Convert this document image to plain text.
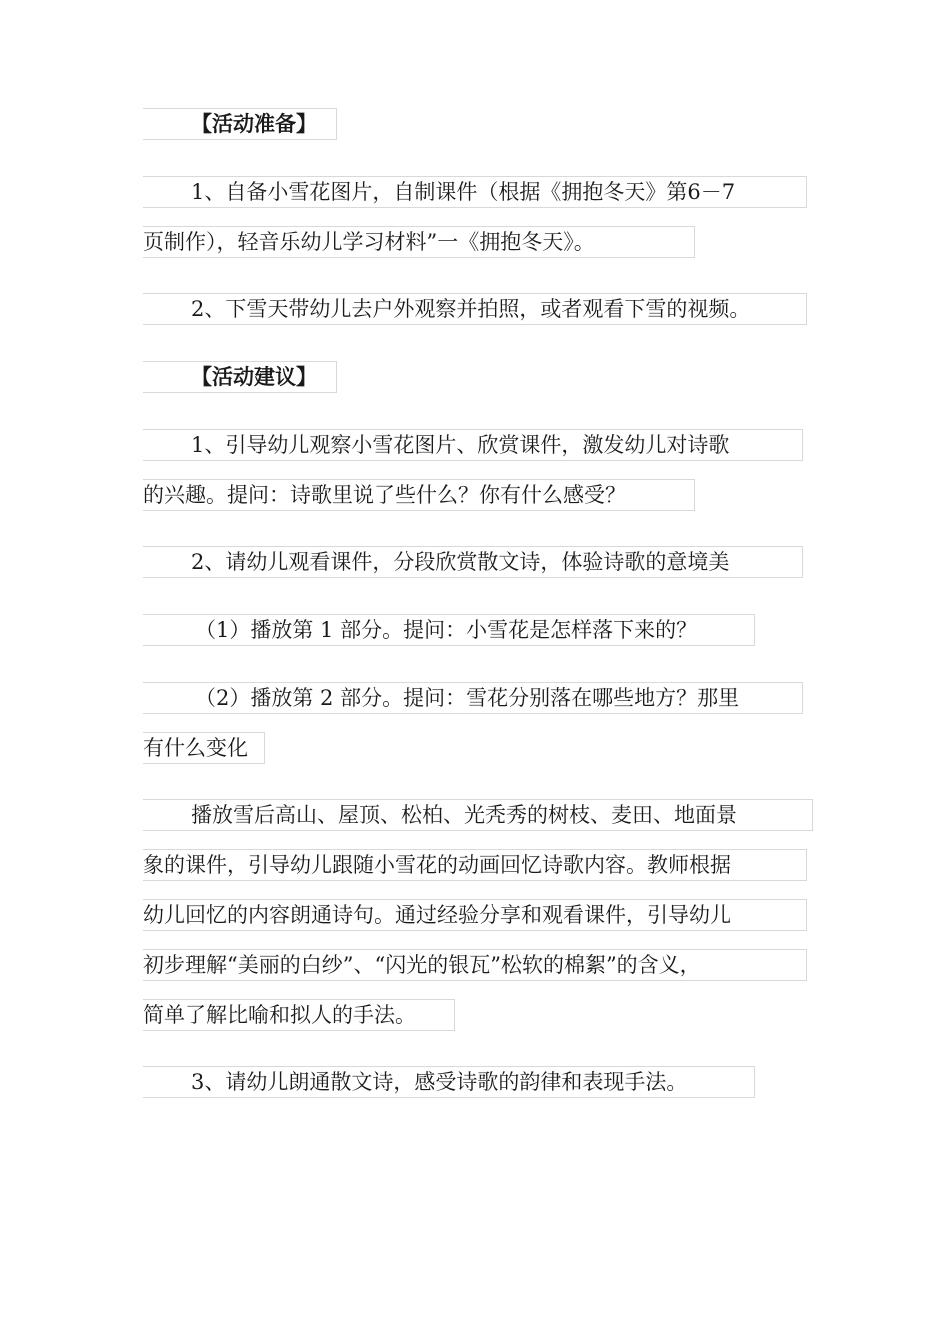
【活动准备】
1、自备小雪花图片，自制课件（根据《拥抱冬天》第6－7
页制作），轻音乐幼儿学习材料”一《拥抱冬天》。
2、下雪天带幼儿去户外观察并拍照，或者观看下雪的视频。
【活动建议】
1、引导幼儿观察小雪花图片、欣赏课件，激发幼儿对诗歌
的兴趣。提问：诗歌里说了些什么？你有什么感受？
2、请幼儿观看课件，分段欣赏散文诗，体验诗歌的意境美
（1）播放第 1 部分。提问：小雪花是怎样落下来的？
（2）播放第 2 部分。提问：雪花分别落在哪些地方？那里
有什么变化
播放雪后高山、屋顶、松柏、光秃秀的树枝、麦田、地面景
象的课件，引导幼儿跟随小雪花的动画回忆诗歌内容。教师根据
幼儿回忆的内容朗通诗句。通过经验分享和观看课件，引导幼儿
初步理解“美丽的白纱”、“闪光的银瓦”松软的棉絮”的含义，
简单了解比喻和拟人的手法。
3、请幼儿朗通散文诗，感受诗歌的韵律和表现手法。
